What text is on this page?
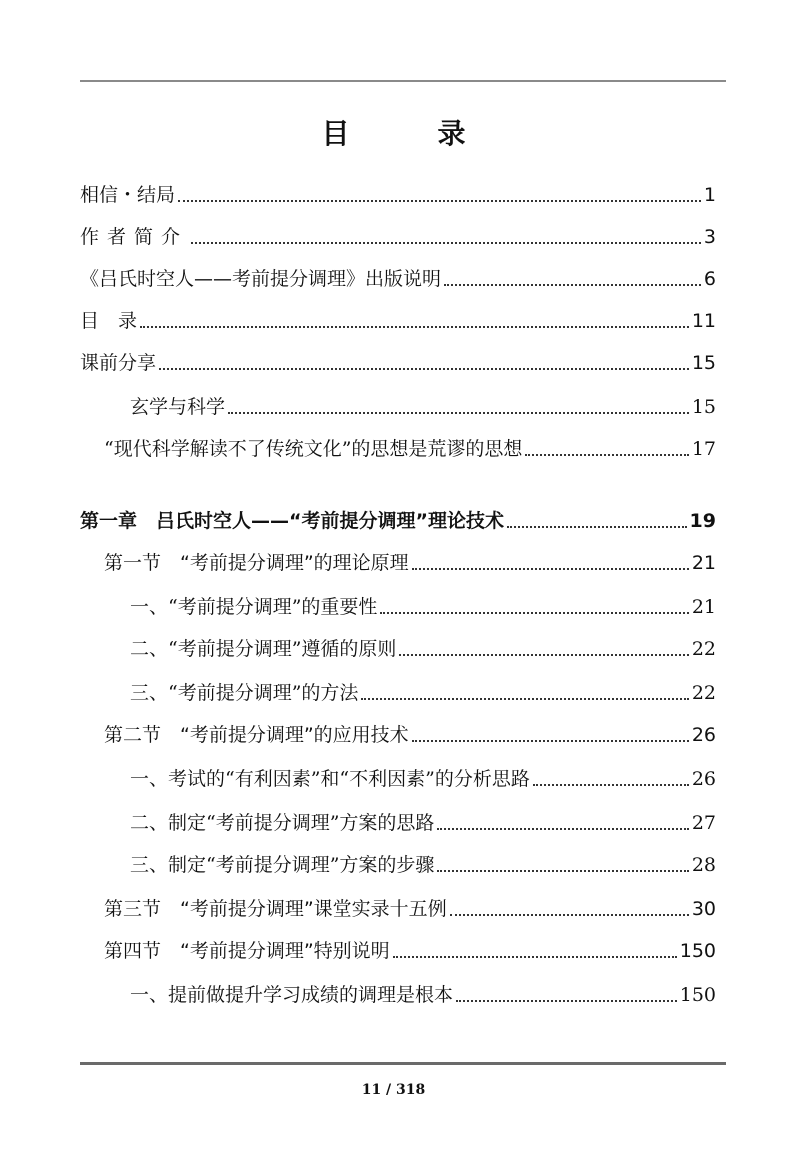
目　录
相信・结局	1
作者简介	3
《吕氏时空人——考前提分调理》出版说明	6
目　录	11
课前分享	15
玄学与科学	15
“现代科学解读不了传统文化”的思想是荒谬的思想	17
第一章　吕氏时空人——“考前提分调理”理论技术	19
第一节　“考前提分调理”的理论原理	21
一、“考前提分调理”的重要性	21
二、“考前提分调理”遵循的原则	22
三、“考前提分调理”的方法	22
第二节　“考前提分调理”的应用技术	26
一、考试的“有利因素”和“不利因素”的分析思路	26
二、制定“考前提分调理”方案的思路	27
三、制定“考前提分调理”方案的步骤	28
第三节　“考前提分调理”课堂实录十五例	30
第四节　“考前提分调理”特别说明	150
一、提前做提升学习成绩的调理是根本	150
11 / 318
